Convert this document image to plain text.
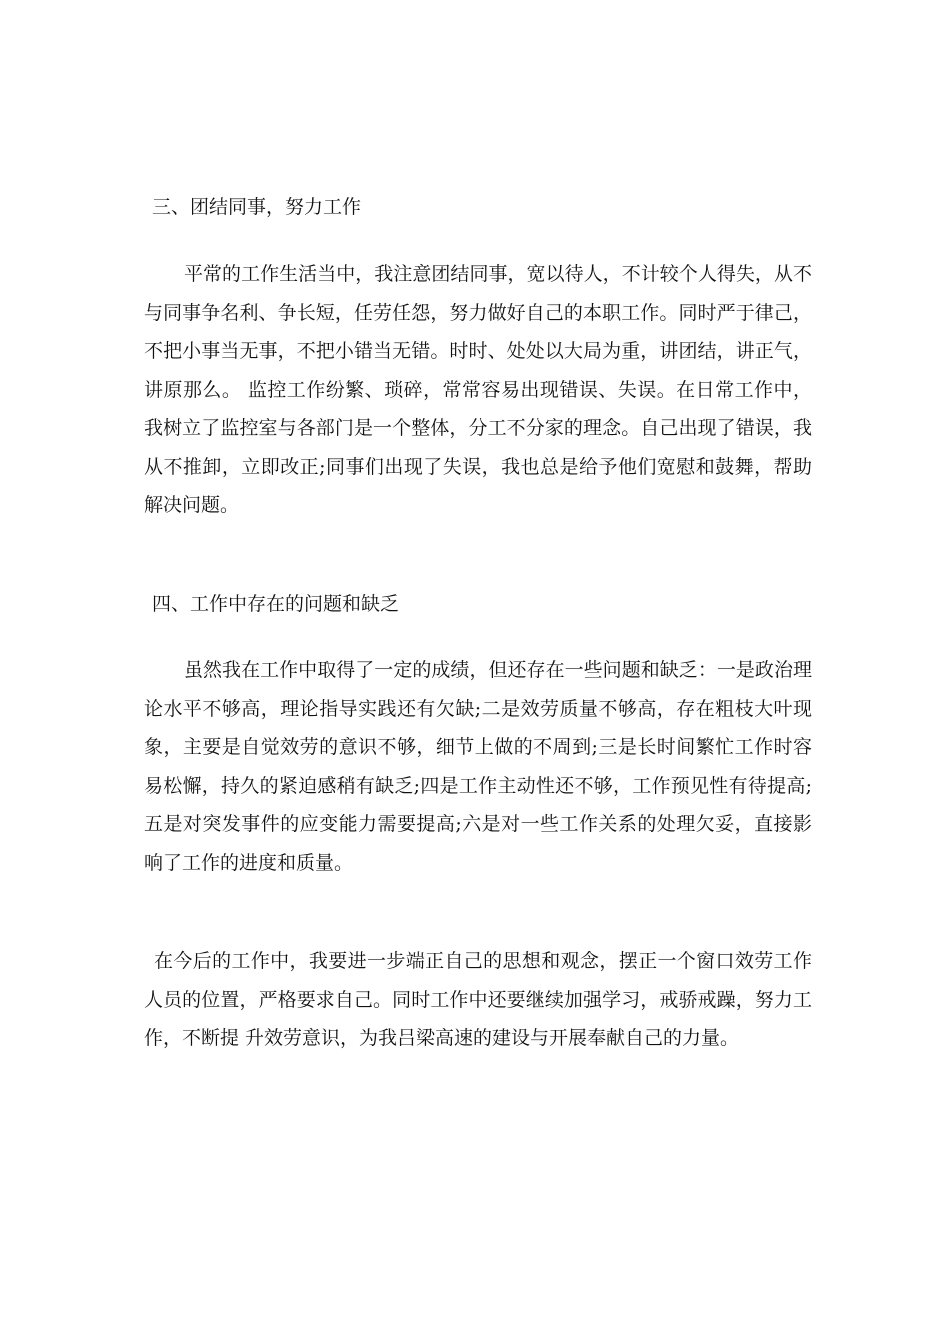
三、团结同事，努力工作

平常的工作生活当中，我注意团结同事，宽以待人，不计较个人得失，从不与同事争名利、争长短，任劳任怨，努力做好自己的本职工作。同时严于律己，不把小事当无事，不把小错当无错。时时、处处以大局为重，讲团结，讲正气，讲原那么。 监控工作纷繁、琐碎，常常容易出现错误、失误。在日常工作中，我树立了监控室与各部门是一个整体，分工不分家的理念。自己出现了错误，我从不推卸，立即改正;同事们出现了失误，我也总是给予他们宽慰和鼓舞，帮助解决问题。

四、工作中存在的问题和缺乏

虽然我在工作中取得了一定的成绩，但还存在一些问题和缺乏：一是政治理论水平不够高，理论指导实践还有欠缺;二是效劳质量不够高，存在粗枝大叶现象，主要是自觉效劳的意识不够，细节上做的不周到;三是长时间繁忙工作时容易松懈，持久的紧迫感稍有缺乏;四是工作主动性还不够，工作预见性有待提高;五是对突发事件的应变能力需要提高;六是对一些工作关系的处理欠妥，直接影响了工作的进度和质量。

在今后的工作中，我要进一步端正自己的思想和观念，摆正一个窗口效劳工作人员的位置，严格要求自己。同时工作中还要继续加强学习，戒骄戒躁，努力工作，不断提 升效劳意识，为我吕梁高速的建设与开展奉献自己的力量。
